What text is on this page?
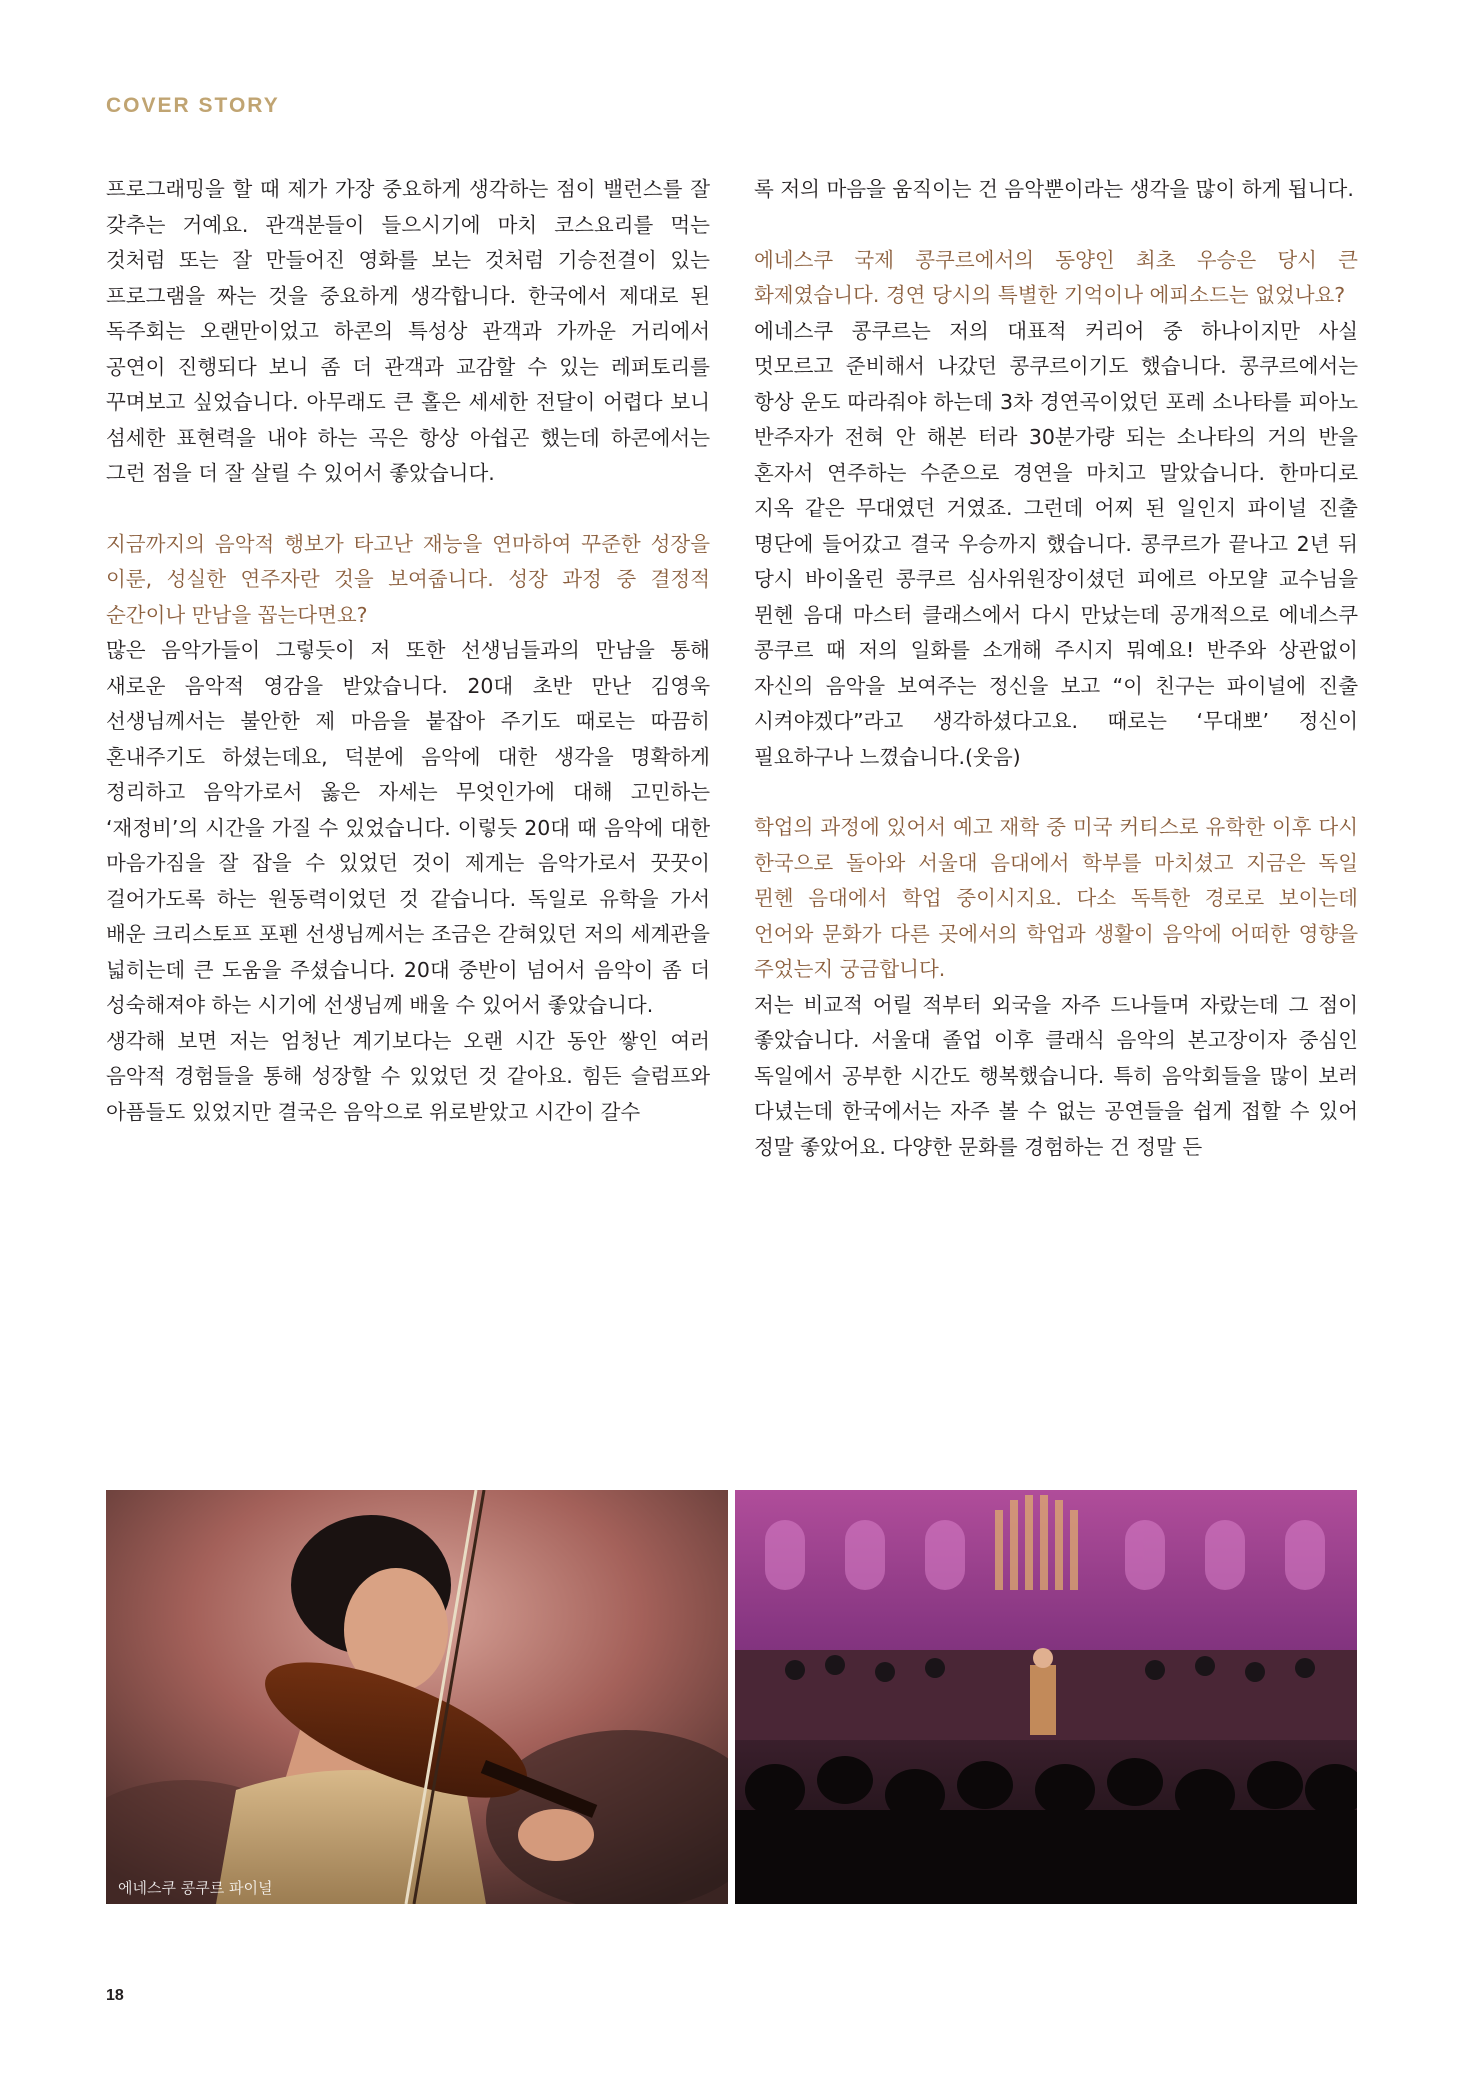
COVER STORY

프로그래밍을 할 때 제가 가장 중요하게 생각하는 점이 밸런스를 잘 갖추는 거예요. 관객분들이 들으시기에 마치 코스요리를 먹는 것처럼 또는 잘 만들어진 영화를 보는 것처럼 기승전결이 있는 프로그램을 짜는 것을 중요하게 생각합니다. 한국에서 제대로 된 독주회는 오랜만이었고 하콘의 특성상 관객과 가까운 거리에서 공연이 진행되다 보니 좀 더 관객과 교감할 수 있는 레퍼토리를 꾸며보고 싶었습니다. 아무래도 큰 홀은 세세한 전달이 어렵다 보니 섬세한 표현력을 내야 하는 곡은 항상 아쉽곤 했는데 하콘에서는 그런 점을 더 잘 살릴 수 있어서 좋았습니다.

지금까지의 음악적 행보가 타고난 재능을 연마하여 꾸준한 성장을 이룬, 성실한 연주자란 것을 보여줍니다. 성장 과정 중 결정적 순간이나 만남을 꼽는다면요?

많은 음악가들이 그렇듯이 저 또한 선생님들과의 만남을 통해 새로운 음악적 영감을 받았습니다. 20대 초반 만난 김영욱 선생님께서는 불안한 제 마음을 붙잡아 주기도 때로는 따끔히 혼내주기도 하셨는데요, 덕분에 음악에 대한 생각을 명확하게 정리하고 음악가로서 옳은 자세는 무엇인가에 대해 고민하는 ‘재정비’의 시간을 가질 수 있었습니다. 이렇듯 20대 때 음악에 대한 마음가짐을 잘 잡을 수 있었던 것이 제게는 음악가로서 꿋꿋이 걸어가도록 하는 원동력이었던 것 같습니다. 독일로 유학을 가서 배운 크리스토프 포펜 선생님께서는 조금은 갇혀있던 저의 세계관을 넓히는데 큰 도움을 주셨습니다. 20대 중반이 넘어서 음악이 좀 더 성숙해져야 하는 시기에 선생님께 배울 수 있어서 좋았습니다.

생각해 보면 저는 엄청난 계기보다는 오랜 시간 동안 쌓인 여러 음악적 경험들을 통해 성장할 수 있었던 것 같아요. 힘든 슬럼프와 아픔들도 있었지만 결국은 음악으로 위로받았고 시간이 갈수

록 저의 마음을 움직이는 건 음악뿐이라는 생각을 많이 하게 됩니다.

에네스쿠 국제 콩쿠르에서의 동양인 최초 우승은 당시 큰 화제였습니다. 경연 당시의 특별한 기억이나 에피소드는 없었나요?

에네스쿠 콩쿠르는 저의 대표적 커리어 중 하나이지만 사실 멋모르고 준비해서 나갔던 콩쿠르이기도 했습니다. 콩쿠르에서는 항상 운도 따라줘야 하는데 3차 경연곡이었던 포레 소나타를 피아노 반주자가 전혀 안 해본 터라 30분가량 되는 소나타의 거의 반을 혼자서 연주하는 수준으로 경연을 마치고 말았습니다. 한마디로 지옥 같은 무대였던 거였죠. 그런데 어찌 된 일인지 파이널 진출 명단에 들어갔고 결국 우승까지 했습니다. 콩쿠르가 끝나고 2년 뒤 당시 바이올린 콩쿠르 심사위원장이셨던 피에르 아모얄 교수님을 뮌헨 음대 마스터 클래스에서 다시 만났는데 공개적으로 에네스쿠 콩쿠르 때 저의 일화를 소개해 주시지 뭐예요! 반주와 상관없이 자신의 음악을 보여주는 정신을 보고 “이 친구는 파이널에 진출 시켜야겠다”라고 생각하셨다고요. 때로는 ‘무대뽀’ 정신이 필요하구나 느꼈습니다.(웃음)

학업의 과정에 있어서 예고 재학 중 미국 커티스로 유학한 이후 다시 한국으로 돌아와 서울대 음대에서 학부를 마치셨고 지금은 독일 뮌헨 음대에서 학업 중이시지요. 다소 독특한 경로로 보이는데 언어와 문화가 다른 곳에서의 학업과 생활이 음악에 어떠한 영향을 주었는지 궁금합니다.

저는 비교적 어릴 적부터 외국을 자주 드나들며 자랐는데 그 점이 좋았습니다. 서울대 졸업 이후 클래식 음악의 본고장이자 중심인 독일에서 공부한 시간도 행복했습니다. 특히 음악회들을 많이 보러 다녔는데 한국에서는 자주 볼 수 없는 공연들을 쉽게 접할 수 있어 정말 좋았어요. 다양한 문화를 경험하는 건 정말 든

에네스쿠 콩쿠르 파이널
18
